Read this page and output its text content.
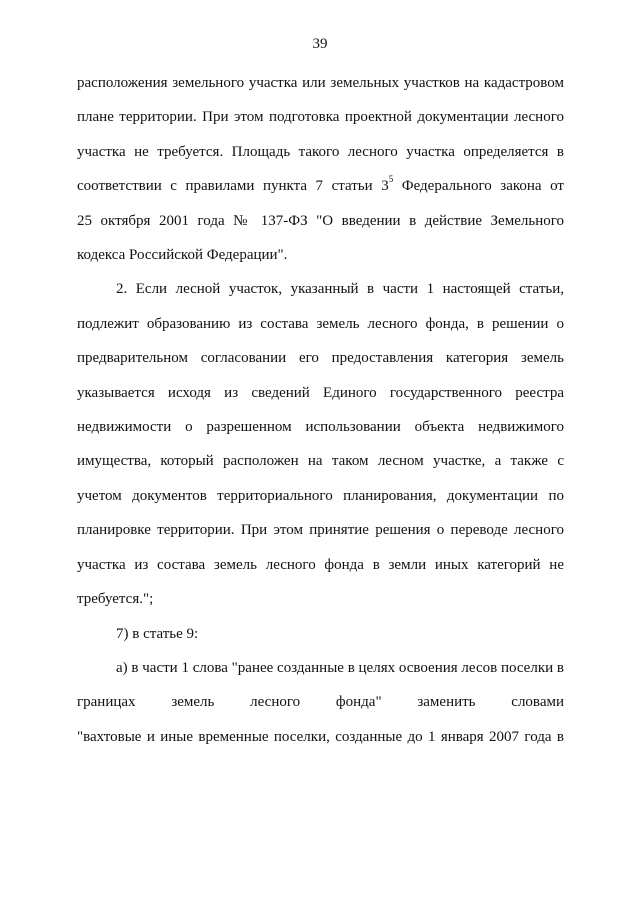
39
расположения земельного участка или земельных участков на кадастровом
плане территории. При этом подготовка проектной документации лесного
участка не требуется. Площадь такого лесного участка определяется в
соответствии с правилами пункта 7 статьи $3^5$ Федерального закона от
25 октября 2001 года № 137-ФЗ "О введении в действие Земельного
кодекса Российской Федерации".
2. Если лесной участок, указанный в части 1 настоящей статьи,
подлежит образованию из состава земель лесного фонда, в решении о
предварительном согласовании его предоставления категория земель
указывается исходя из сведений Единого государственного реестра
недвижимости о разрешенном использовании объекта недвижимого
имущества, который расположен на таком лесном участке, а также с
учетом документов территориального планирования, документации по
планировке территории. При этом принятие решения о переводе лесного
участка из состава земель лесного фонда в земли иных категорий не
требуется.";
7) в статье 9:
а) в части 1 слова "ранее созданные в целях освоения лесов поселки в
границах земель лесного фонда" заменить словами
"вахтовые и иные временные поселки, созданные до 1 января 2007 года в
